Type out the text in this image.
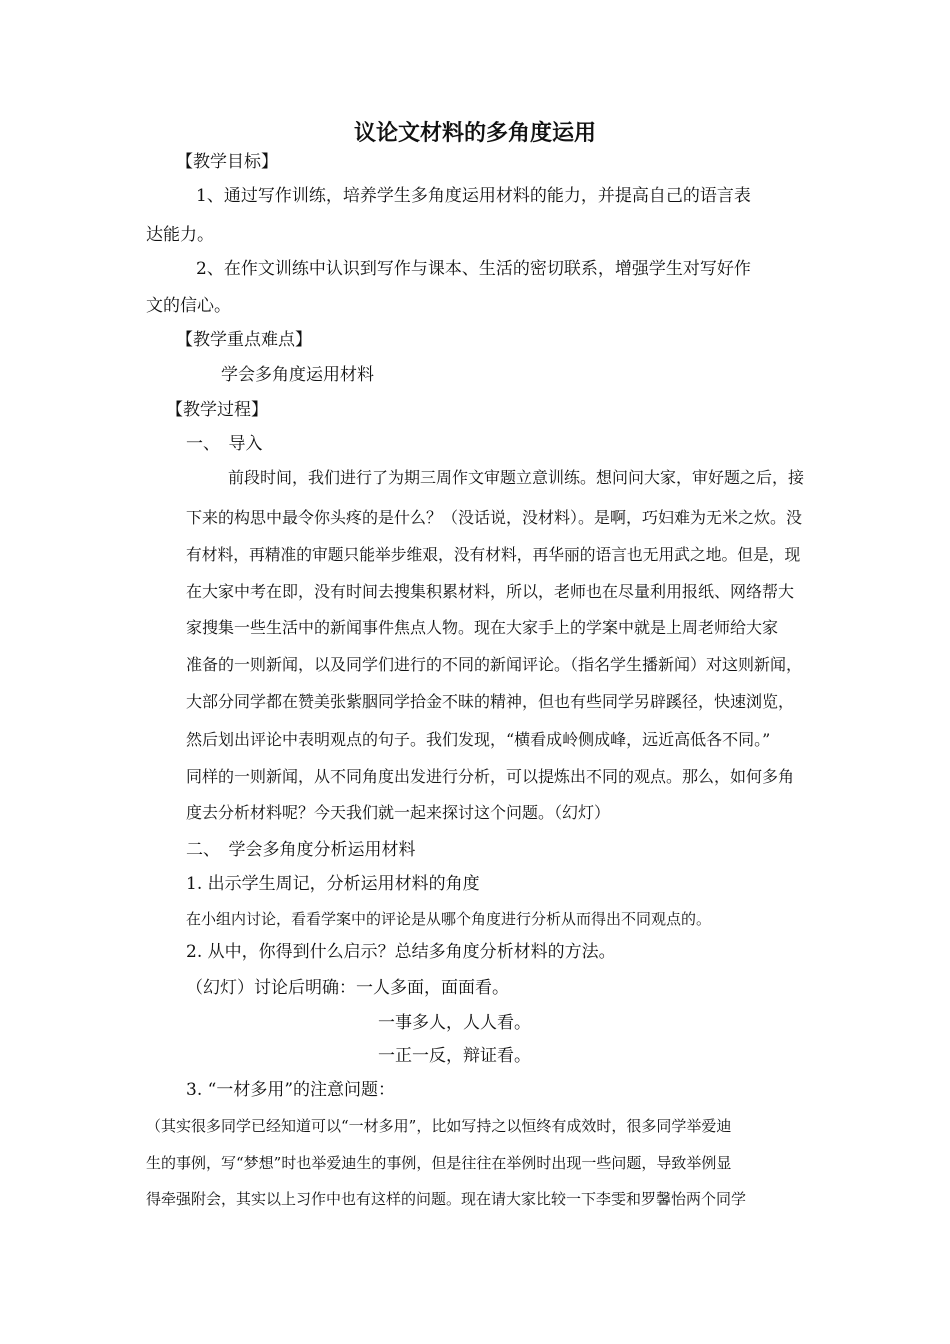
议论文材料的多角度运用
【教学目标】
1、通过写作训练，培养学生多角度运用材料的能力，并提高自己的语言表
达能力。
2、在作文训练中认识到写作与课本、生活的密切联系，增强学生对写好作
文的信心。
【教学重点难点】
学会多角度运用材料
【教学过程】
一、　导入
前段时间，我们进行了为期三周作文审题立意训练。想问问大家，审好题之后，接
下来的构思中最令你头疼的是什么？（没话说，没材料）。是啊，巧妇难为无米之炊。没
有材料，再精准的审题只能举步维艰，没有材料，再华丽的语言也无用武之地。但是，现
在大家中考在即，没有时间去搜集积累材料，所以，老师也在尽量利用报纸、网络帮大
家搜集一些生活中的新闻事件焦点人物。现在大家手上的学案中就是上周老师给大家
准备的一则新闻，以及同学们进行的不同的新闻评论。（指名学生播新闻）对这则新闻，
大部分同学都在赞美张紫胭同学拾金不昧的精神，但也有些同学另辟蹊径，快速浏览，
然后划出评论中表明观点的句子。我们发现，“横看成岭侧成峰，远近高低各不同。”
同样的一则新闻，从不同角度出发进行分析，可以提炼出不同的观点。那么，如何多角
度去分析材料呢？今天我们就一起来探讨这个问题。（幻灯）
二、　学会多角度分析运用材料
1. 出示学生周记，分析运用材料的角度
在小组内讨论，看看学案中的评论是从哪个角度进行分析从而得出不同观点的。
2. 从中，你得到什么启示？总结多角度分析材料的方法。
（幻灯）讨论后明确：一人多面，面面看。
一事多人，人人看。
一正一反，辩证看。
3. “一材多用”的注意问题：
（其实很多同学已经知道可以“一材多用”，比如写持之以恒终有成效时，很多同学举爱迪
生的事例，写“梦想”时也举爱迪生的事例，但是往往在举例时出现一些问题，导致举例显
得牵强附会，其实以上习作中也有这样的问题。现在请大家比较一下李雯和罗馨怡两个同学
